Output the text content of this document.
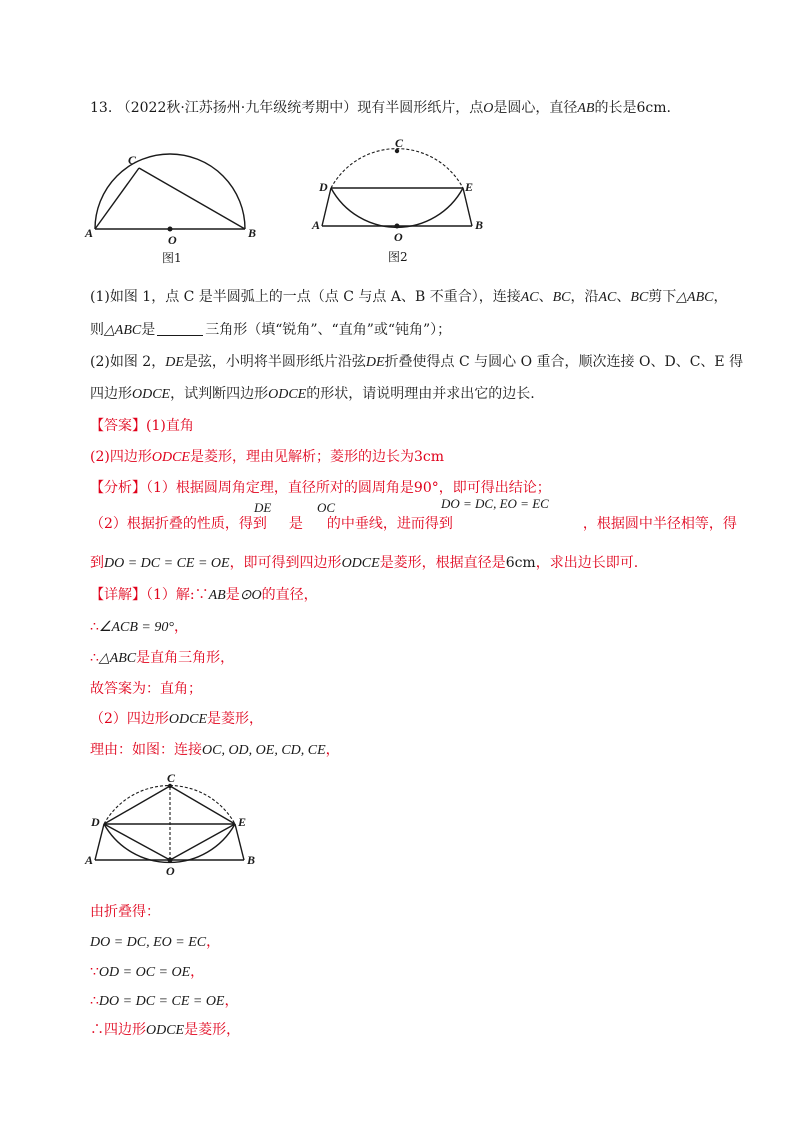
13. （2022秋·江苏扬州·九年级统考期中）现有半圆形纸片，点O是圆心，直径AB的长是6cm.
A	B
C
O
图1
C
D	E
A	B
O
图2
(1)如图 1，点 C 是半圆弧上的一点（点 C 与点 A、B 不重合），连接AC、BC，沿AC、BC剪下△ABC，
则△ABC是	三角形（填“锐角”、“直角”或“钝角”）；
(2)如图 2，DE是弦，小明将半圆形纸片沿弦DE折叠使得点 C 与圆心 O 重合，顺次连接 O、D、C、E 得
四边形ODCE，试判断四边形ODCE的形状，请说明理由并求出它的边长.
【答案】(1)直角
(2)四边形ODCE是菱形，理由见解析；菱形的边长为3cm
【分析】（1）根据圆周角定理，直径所对的圆周角是90°，即可得出结论；
DE	OC	DO = DC, EO = EC
（2）根据折叠的性质，得到 是 的中垂线，进而得到	，根据圆中半径相等，得
到DO = DC = CE = OE，即可得到四边形ODCE是菱形，根据直径是6cm，求出边长即可.
【详解】（1）解:∵AB是⊙O的直径，
∴∠ACB = 90°，
∴△ABC是直角三角形，
故答案为：直角；
（2）四边形ODCE是菱形，
理由：如图：连接OC, OD, OE, CD, CE，
C
D	E
A	B
O
由折叠得：
DO = DC, EO = EC，
∵OD = OC = OE，
∴DO = DC = CE = OE，
∴四边形ODCE是菱形，
